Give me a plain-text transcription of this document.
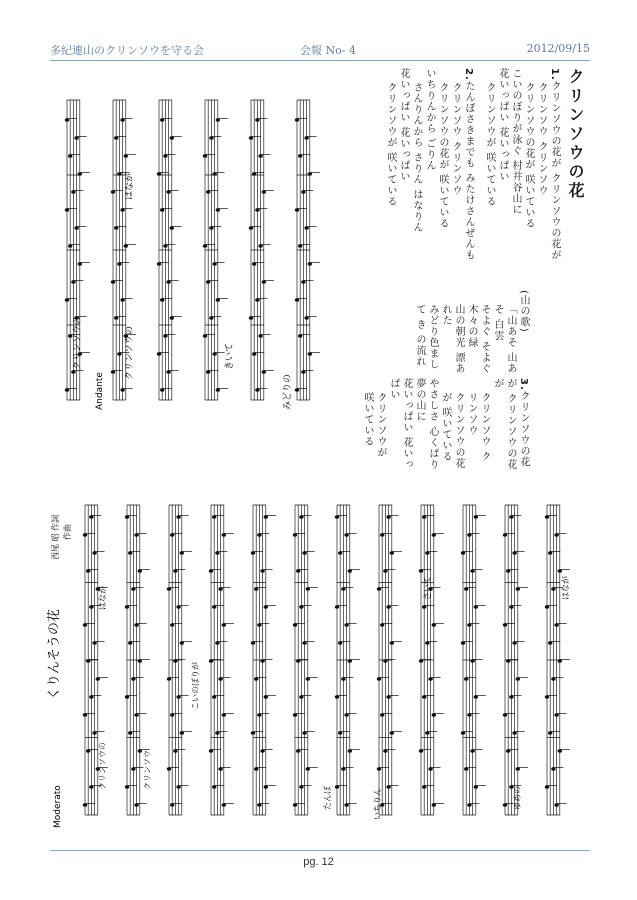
多紀連山のクリンソウを守る会	会報 No- 4	2012/09/15
Andante
クリンソウの	クリンソウの
はなが
きいて
みどりの
クリンソウの花
1.クリンソウの花が クリンソウの花が
クリンソウ クリンソウ
クリンソウの花が 咲いている
こいのぼりが泳ぐ 村井谷山に
花いっぱい 花いっぱい
クリンソウが 咲いている
2.たんぽさきまでも みたけさんぜんも
クリンソウ クリンソウ
クリンソウの花が 咲いている
いちりんから ごりん
さんりんから さりん はなりん
花いっぱい 花いっぱい
クリンソウが 咲いている
(山の歌)
「山あそ 山あそ 白雲
そよぐ そよぐ 木々の緑
山の朝光 漂あれた
みどり色まして き の流れ
3.クリンソウの花が クリンソウの花が
クリンソウ クリンソウ
クリンソウの花が 咲いている
やさしさ 心くばり 夢の山に
花いっぱい 花いっぱい
クリンソウが 咲いている
くりんそうの花
西尾 昭 作詞 作曲
Moderato
クリンソウの
はなが
クリンソウ
こいのぼりが
いちりん
たんぽ	ゆめの
はなが
さいて
pg. 12
